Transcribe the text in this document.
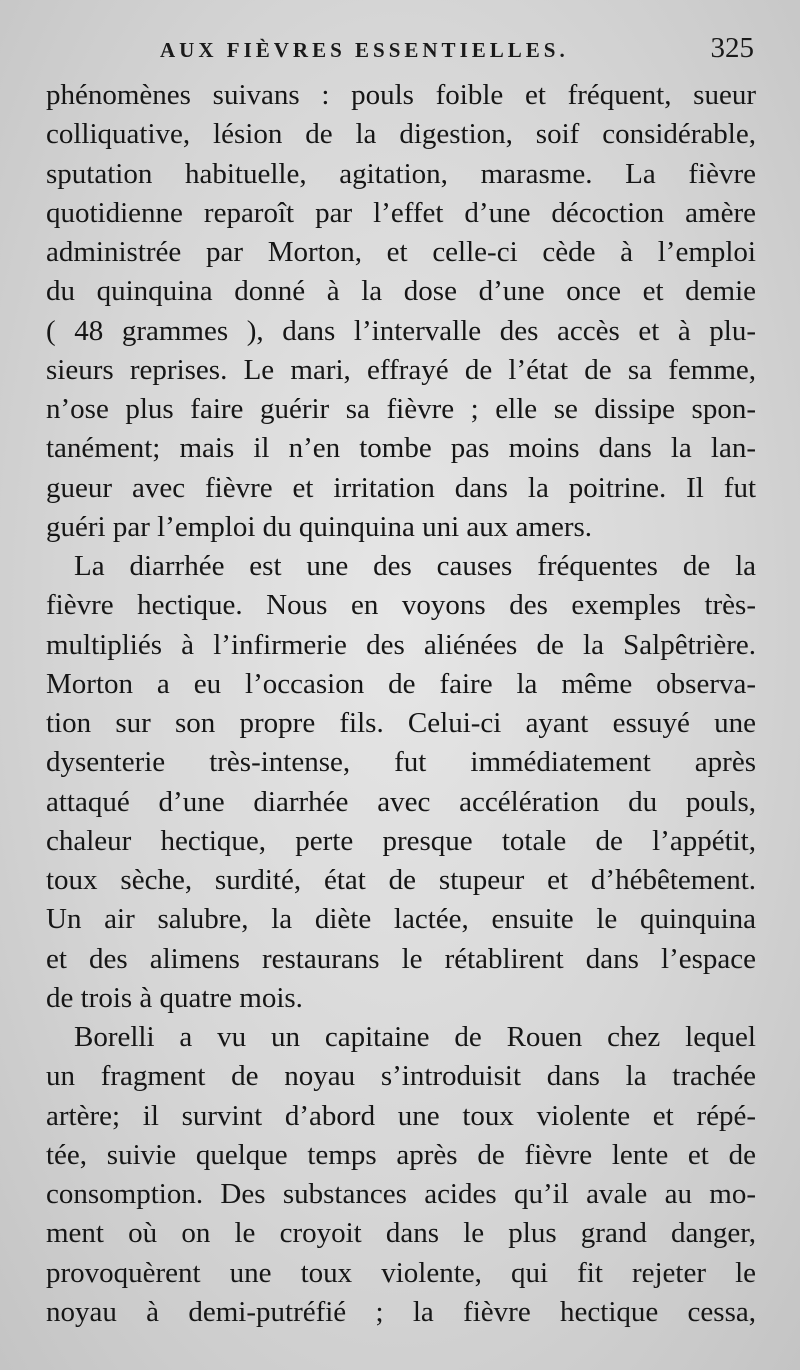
AUX FIÈVRES ESSENTIELLES.	325
phénomènes suivans : pouls foible et fréquent, sueur
colliquative, lésion de la digestion, soif considérable,
sputation habituelle, agitation, marasme. La fièvre
quotidienne reparoît par l’effet d’une décoction amère
administrée par Morton, et celle-ci cède à l’emploi
du quinquina donné à la dose d’une once et demie
( 48 grammes ), dans l’intervalle des accès et à plu-
sieurs reprises. Le mari, effrayé de l’état de sa femme,
n’ose plus faire guérir sa fièvre ; elle se dissipe spon-
tanément; mais il n’en tombe pas moins dans la lan-
gueur avec fièvre et irritation dans la poitrine. Il fut
guéri par l’emploi du quinquina uni aux amers.
La diarrhée est une des causes fréquentes de la
fièvre hectique. Nous en voyons des exemples très-
multipliés à l’infirmerie des aliénées de la Salpêtrière.
Morton a eu l’occasion de faire la même observa-
tion sur son propre fils. Celui-ci ayant essuyé une
dysenterie très-intense, fut immédiatement après
attaqué d’une diarrhée avec accélération du pouls,
chaleur hectique, perte presque totale de l’appétit,
toux sèche, surdité, état de stupeur et d’hébêtement.
Un air salubre, la diète lactée, ensuite le quinquina
et des alimens restaurans le rétablirent dans l’espace
de trois à quatre mois.
Borelli a vu un capitaine de Rouen chez lequel
un fragment de noyau s’introduisit dans la trachée
artère; il survint d’abord une toux violente et répé-
tée, suivie quelque temps après de fièvre lente et de
consomption. Des substances acides qu’il avale au mo-
ment où on le croyoit dans le plus grand danger,
provoquèrent une toux violente, qui fit rejeter le
noyau à demi-putréfié ; la fièvre hectique cessa,
